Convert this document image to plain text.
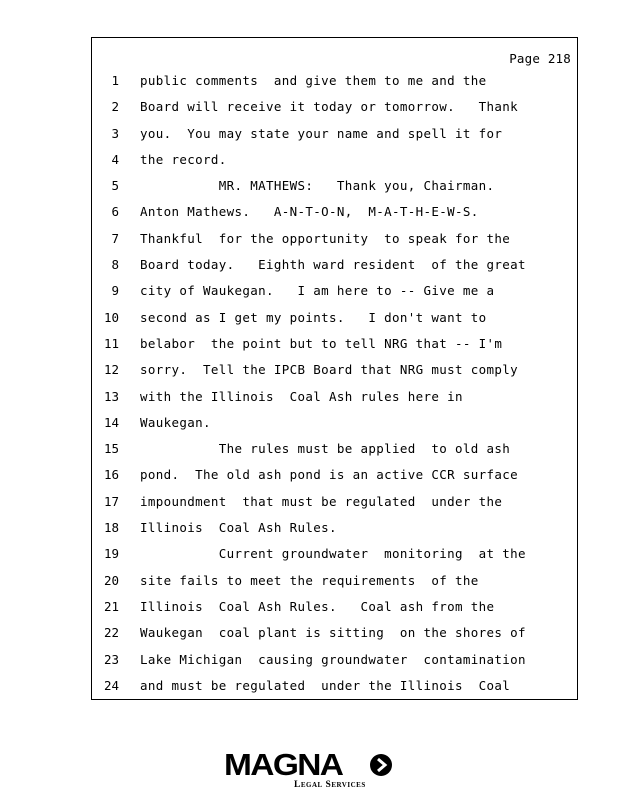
Page 218
1 public comments  and give them to me and the
2 Board will receive it today or tomorrow.   Thank
3 you.  You may state your name and spell it for
4 the record.
5 MR. MATHEWS:   Thank you, Chairman.
6 Anton Mathews.   A-N-T-O-N,  M-A-T-H-E-W-S.
7 Thankful  for the opportunity  to speak for the
8 Board today.   Eighth ward resident  of the great
9 city of Waukegan.   I am here to -- Give me a
10 second as I get my points.   I don't want to
11 belabor  the point but to tell NRG that -- I'm
12 sorry.  Tell the IPCB Board that NRG must comply
13 with the Illinois  Coal Ash rules here in
14 Waukegan.
15 The rules must be applied  to old ash
16 pond.  The old ash pond is an active CCR surface
17 impoundment  that must be regulated  under the
18 Illinois  Coal Ash Rules.
19 Current groundwater  monitoring  at the
20 site fails to meet the requirements  of the
21 Illinois  Coal Ash Rules.   Coal ash from the
22 Waukegan  coal plant is sitting  on the shores of
23 Lake Michigan  causing groundwater  contamination
24 and must be regulated  under the Illinois  Coal
MAGNA
Legal Services
